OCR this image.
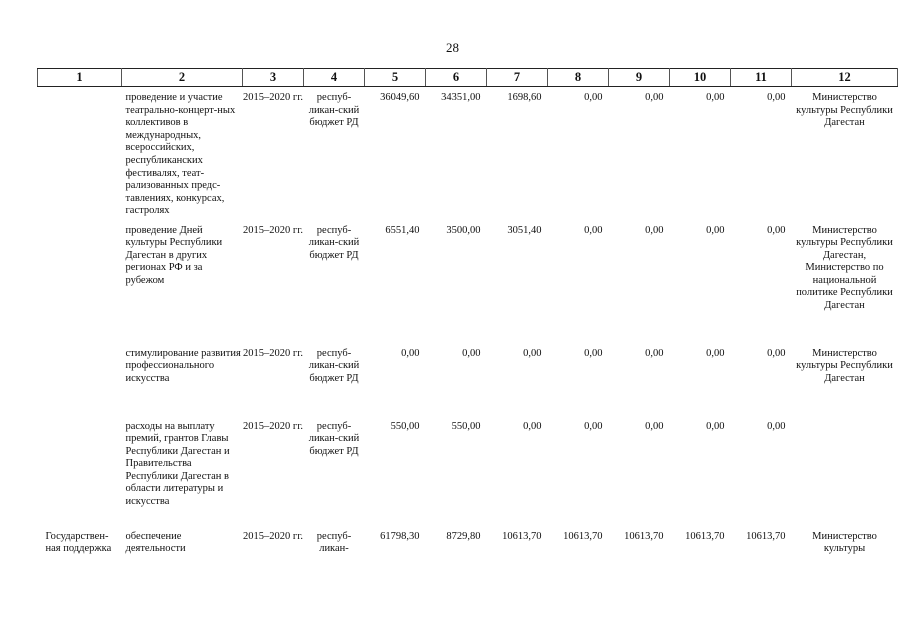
28
1	2	3	4	5	6	7	8	9	10	11	12
	проведение и участие театрально-концерт-ных коллективов в международных, всероссийских, республиканских фестивалях, теат-рализованных предс-тавлениях, конкурсах, гастролях	2015–2020 гг.	респуб-ликан-ский бюджет РД	36049,60	34351,00	1698,60	0,00	0,00	0,00	0,00	Министерство культуры Республики Дагестан
	проведение Дней культуры Республики Дагестан в других регионах РФ и за рубежом	2015–2020 гг.	респуб-ликан-ский бюджет РД	6551,40	3500,00	3051,40	0,00	0,00	0,00	0,00	Министерство культуры Республики Дагестан, Министерство по национальной политике Республики Дагестан
	стимулирование развития профессионального искусства	2015–2020 гг.	респуб-ликан-ский бюджет РД	0,00	0,00	0,00	0,00	0,00	0,00	0,00	Министерство культуры Республики Дагестан
	расходы на выплату премий, грантов Главы Республики Дагестан и Правительства Республики Дагестан в области литературы и искусства	2015–2020 гг.	респуб-ликан-ский бюджет РД	550,00	550,00	0,00	0,00	0,00	0,00	0,00	
Государствен-ная поддержка	обеспечение деятельности	2015–2020 гг.	респуб-ликан-	61798,30	8729,80	10613,70	10613,70	10613,70	10613,70	10613,70	Министерство культуры
